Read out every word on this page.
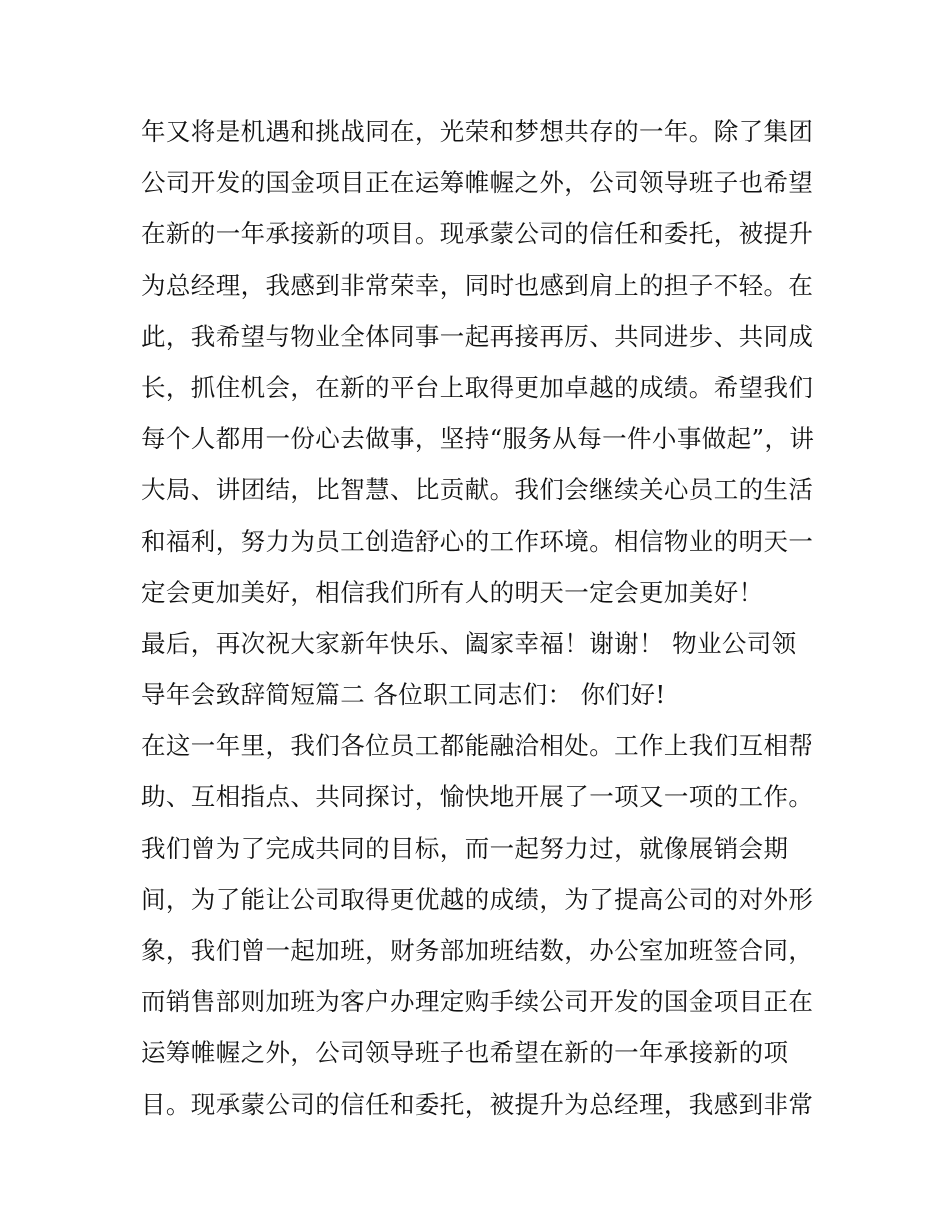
年又将是机遇和挑战同在，光荣和梦想共存的一年。除了集团
公司开发的国金项目正在运筹帷幄之外，公司领导班子也希望
在新的一年承接新的项目。现承蒙公司的信任和委托，被提升
为总经理，我感到非常荣幸，同时也感到肩上的担子不轻。在
此，我希望与物业全体同事一起再接再厉、共同进步、共同成
长，抓住机会，在新的平台上取得更加卓越的成绩。希望我们
每个人都用一份心去做事，坚持“服务从每一件小事做起”，讲
大局、讲团结，比智慧、比贡献。我们会继续关心员工的生活
和福利，努力为员工创造舒心的工作环境。相信物业的明天一
定会更加美好，相信我们所有人的明天一定会更加美好！
最后，再次祝大家新年快乐、阖家幸福！谢谢！ 物业公司领
导年会致辞简短篇二 各位职工同志们： 你们好!
在这一年里，我们各位员工都能融洽相处。工作上我们互相帮
助、互相指点、共同探讨，愉快地开展了一项又一项的工作。
我们曾为了完成共同的目标，而一起努力过，就像展销会期
间，为了能让公司取得更优越的成绩，为了提高公司的对外形
象，我们曾一起加班，财务部加班结数，办公室加班签合同，
而销售部则加班为客户办理定购手续公司开发的国金项目正在
运筹帷幄之外，公司领导班子也希望在新的一年承接新的项
目。现承蒙公司的信任和委托，被提升为总经理，我感到非常
